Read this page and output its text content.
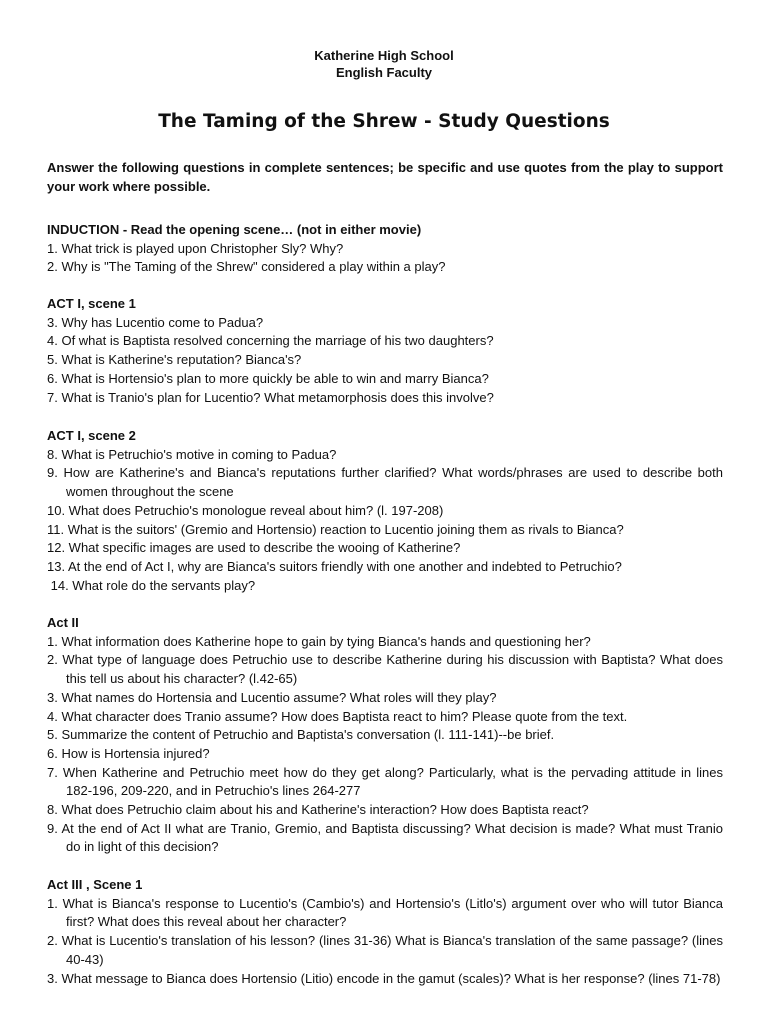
Katherine High School
English Faculty
The Taming of the Shrew - Study Questions
Answer the following questions in complete sentences; be specific and use quotes from the play to support your work where possible.
INDUCTION - Read the opening scene… (not in either movie)
1. What trick is played upon Christopher Sly? Why?
2. Why is "The Taming of the Shrew" considered a play within a play?
ACT I, scene 1
3. Why has Lucentio come to Padua?
4. Of what is Baptista resolved concerning the marriage of his two daughters?
5. What is Katherine's reputation? Bianca's?
6. What is Hortensio's plan to more quickly be able to win and marry Bianca?
7. What is Tranio's plan for Lucentio? What metamorphosis does this involve?
ACT I, scene 2
8. What is Petruchio's motive in coming to Padua?
9. How are Katherine's and Bianca's reputations further clarified? What words/phrases are used to describe both women throughout the scene
10. What does Petruchio's monologue reveal about him? (l. 197-208)
11. What is the suitors' (Gremio and Hortensio) reaction to Lucentio joining them as rivals to Bianca?
12. What specific images are used to describe the wooing of Katherine?
13. At the end of Act I, why are Bianca's suitors friendly with one another and indebted to Petruchio?
14. What role do the servants play?
Act II
1. What information does Katherine hope to gain by tying Bianca's hands and questioning her?
2. What type of language does Petruchio use to describe Katherine during his discussion with Baptista? What does this tell us about his character? (l.42-65)
3. What names do Hortensia and Lucentio assume? What roles will they play?
4. What character does Tranio assume? How does Baptista react to him? Please quote from the text.
5. Summarize the content of Petruchio and Baptista's conversation (l. 111-141)--be brief.
6. How is Hortensia injured?
7. When Katherine and Petruchio meet how do they get along? Particularly, what is the pervading attitude in lines 182-196, 209-220, and in Petruchio's lines 264-277
8. What does Petruchio claim about his and Katherine's interaction? How does Baptista react?
9. At the end of Act II what are Tranio, Gremio, and Baptista discussing? What decision is made? What must Tranio do in light of this decision?
Act III , Scene 1
1. What is Bianca's response to Lucentio's (Cambio's) and Hortensio's (Litlo's) argument over who will tutor Bianca first? What does this reveal about her character?
2. What is Lucentio's translation of his lesson? (lines 31-36) What is Bianca's translation of the same passage? (lines 40-43)
3. What message to Bianca does Hortensio (Litio) encode in the gamut (scales)? What is her response? (lines 71-78)
